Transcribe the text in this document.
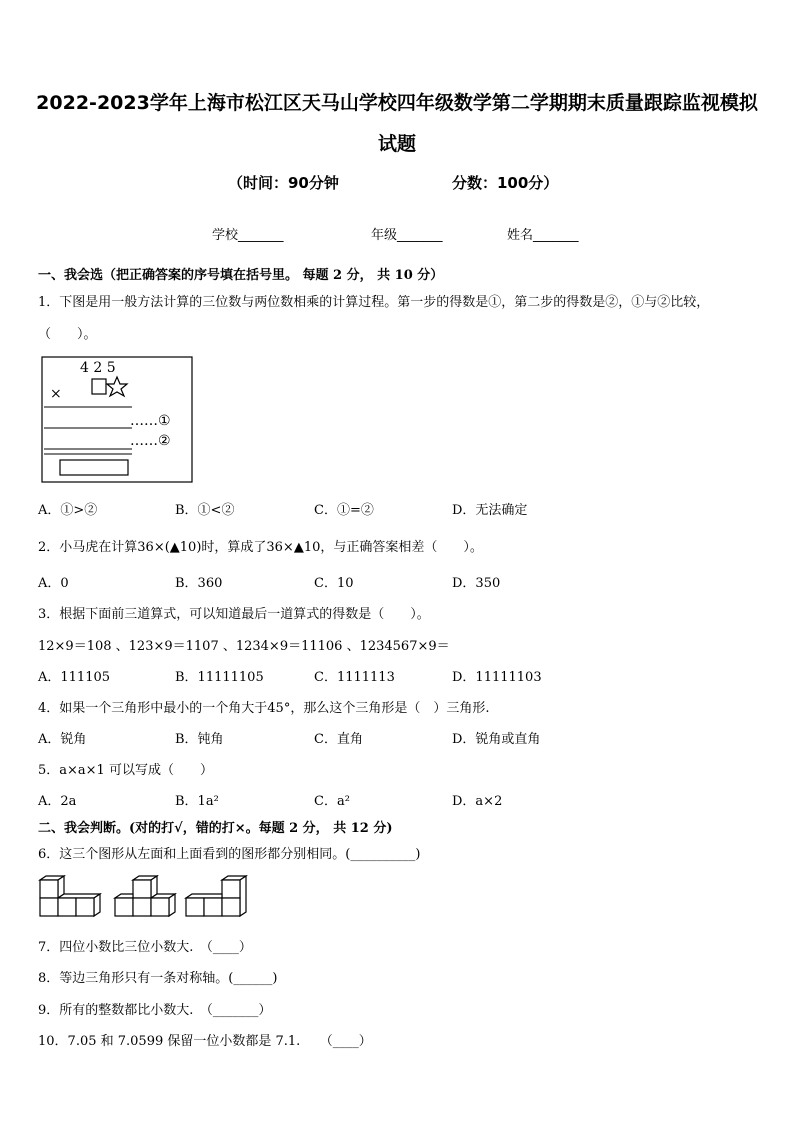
2022-2023学年上海市松江区天马山学校四年级数学第二学期期末质量跟踪监视模拟
试题
（时间：90分钟	分数：100分）
学校_______	年级_______	姓名_______
一、我会选（把正确答案的序号填在括号里。 每题 2 分， 共 10 分）
1．下图是用一般方法计算的三位数与两位数相乘的计算过程。第一步的得数是①，第二步的得数是②，①与②比较，
（　　）。
4 2 5
×
……①
……②
A．①>②	B．①<②	C．①=②	D．无法确定
2．小马虎在计算36×(▲10)时，算成了36×▲10，与正确答案相差（　　）。
A．0	B．360	C．10	D．350
3．根据下面前三道算式，可以知道最后一道算式的得数是（　　）。
12×9＝108 、123×9＝1107 、1234×9＝11106 、1234567×9＝
A．111105	B．11111105	C．1111113	D．11111103
4．如果一个三角形中最小的一个角大于45°，那么这个三角形是（　）三角形.
A．锐角	B．钝角	C．直角	D．锐角或直角
5．a×a×1 可以写成（　　）
A．2a	B．1a²	C．a²	D．a×2
二、我会判断。(对的打√，错的打×。每题 2 分， 共 12 分)
6．这三个图形从左面和上面看到的图形都分别相同。(__________)
7．四位小数比三位小数大.　（____）
8．等边三角形只有一条对称轴。(______)
9．所有的整数都比小数大.　（_______）
10．7.05 和 7.0599 保留一位小数都是 7.1.　　（____）
